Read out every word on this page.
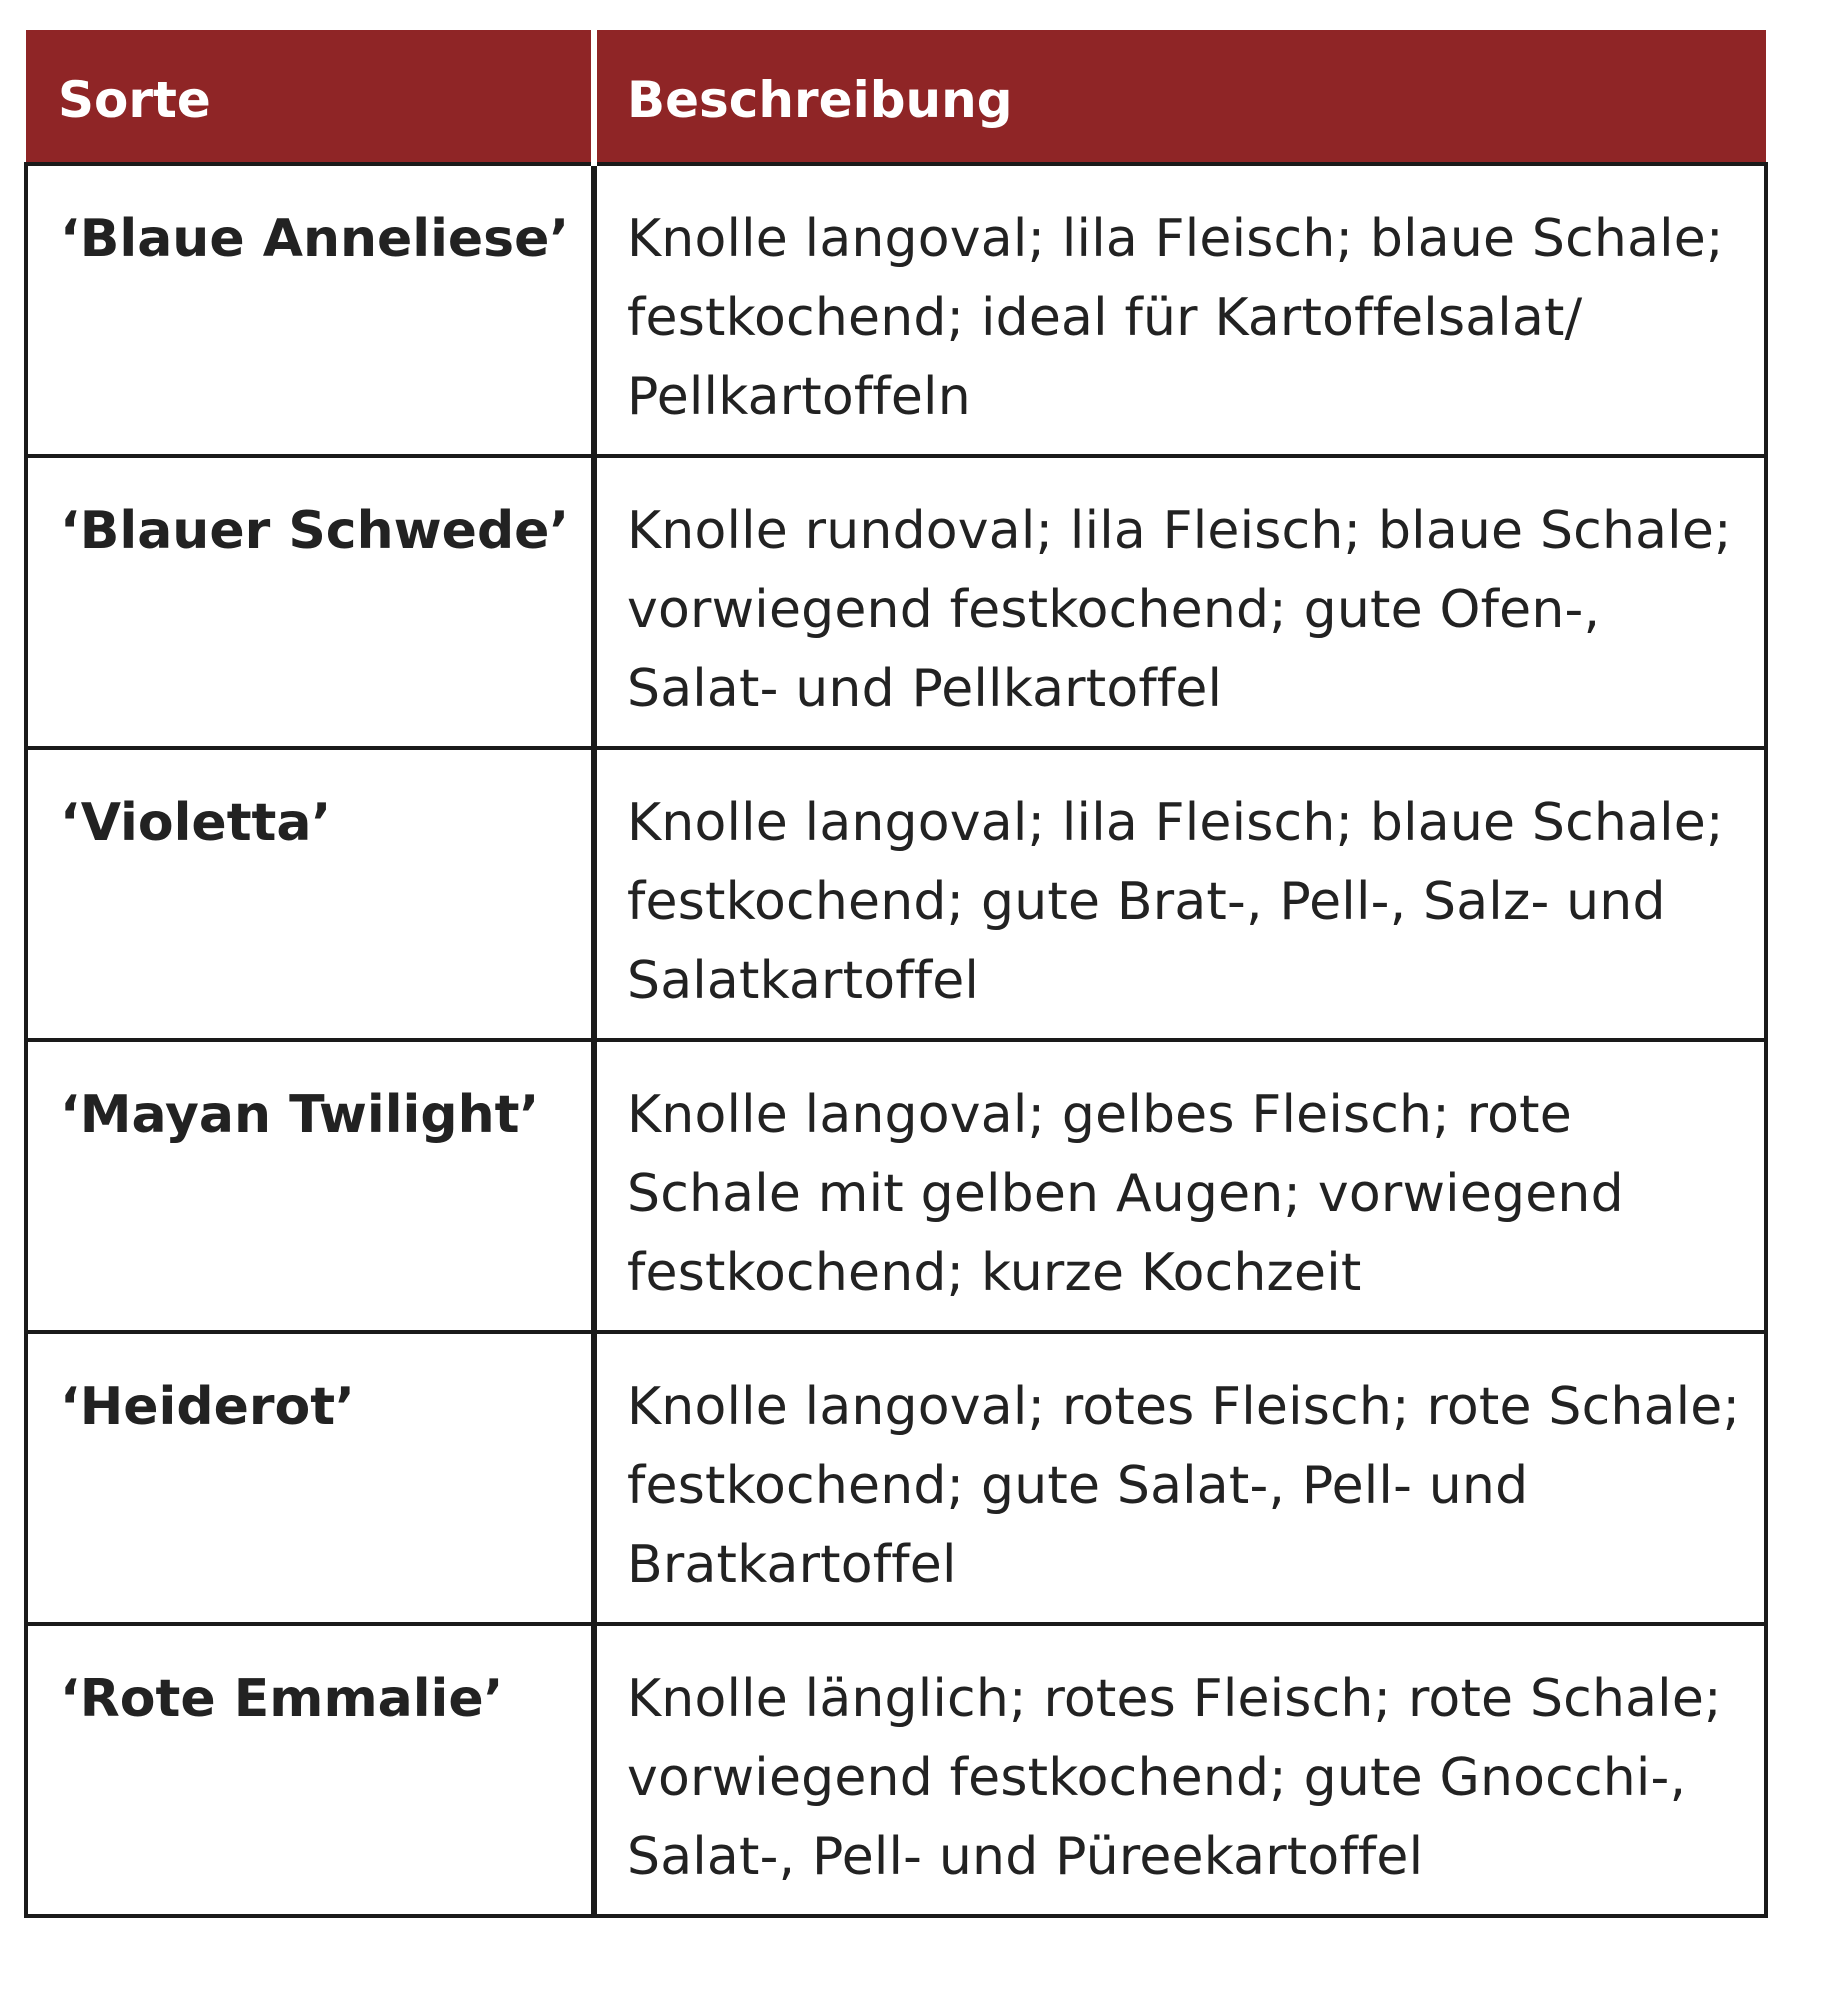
Sorte	Beschreibung
‘Blaue Anneliese’	Knolle langoval; lila Fleisch; blaue Schale; festkochend; ideal für Kartoffelsalat/ Pellkartoffeln
‘Blauer Schwede’	Knolle rundoval; lila Fleisch; blaue Schale; vorwiegend festkochend; gute Ofen-, Salat- und Pellkartoffel
‘Violetta’	Knolle langoval; lila Fleisch; blaue Schale; festkochend; gute Brat-, Pell-, Salz- und Salatkartoffel
‘Mayan Twilight’	Knolle langoval; gelbes Fleisch; rote Schale mit gelben Augen; vorwiegend festkochend; kurze Kochzeit
‘Heiderot’	Knolle langoval; rotes Fleisch; rote Schale; festkochend; gute Salat-, Pell- und Bratkartoffel
‘Rote Emmalie’	Knolle länglich; rotes Fleisch; rote Schale; vorwiegend festkochend; gute Gnocchi-, Salat-, Pell- und Püreekartoffel
